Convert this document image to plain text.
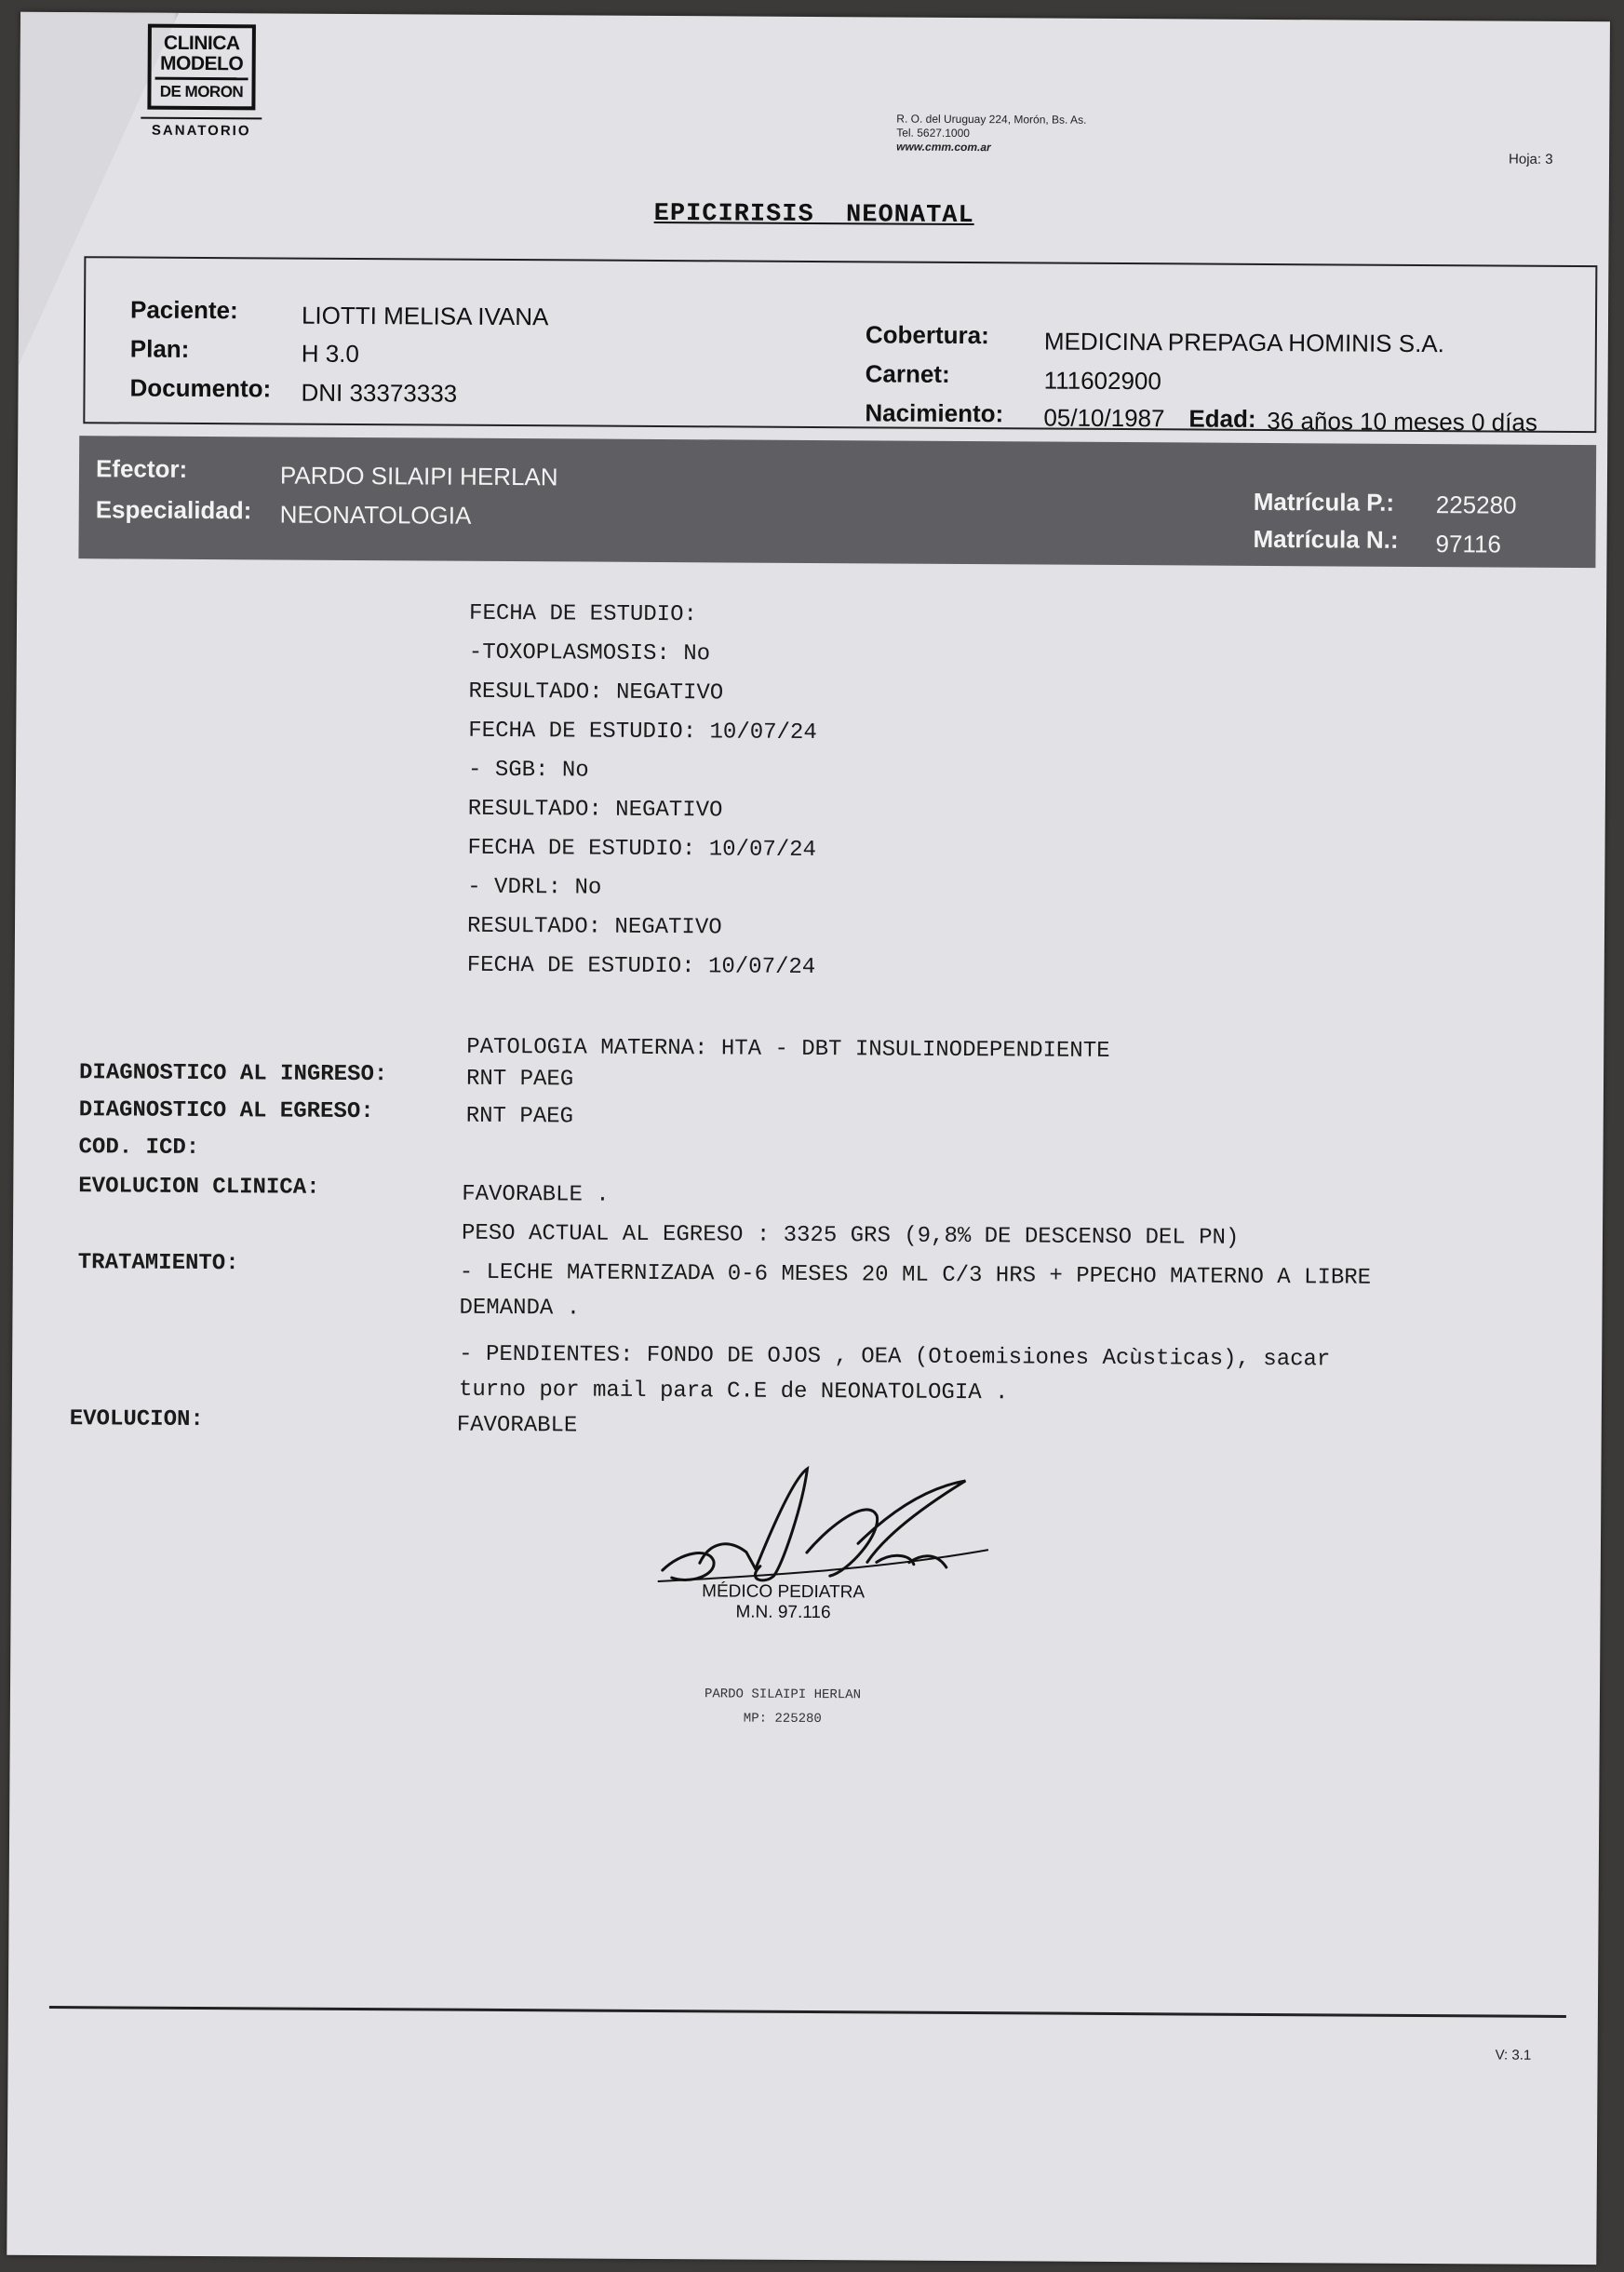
CLINICA
MODELO
DE MORON
SANATORIO
R. O. del Uruguay 224, Morón, Bs. As.
Tel. 5627.1000
www.cmm.com.ar
Hoja: 3
EPICIRISIS  NEONATAL
Paciente:	LIOTTI MELISA IVANA
Plan:	H 3.0
Documento: DNI 33373333
Cobertura: MEDICINA PREPAGA HOMINIS S.A.
Carnet:	111602900
Nacimiento: 05/10/1987 Edad: 36 años 10 meses 0 días
Efector:	PARDO SILAIPI HERLAN
Especialidad: NEONATOLOGIA	Matrícula P.: 225280
Matrícula N.: 97116
FECHA DE ESTUDIO:
-TOXOPLASMOSIS: No
RESULTADO: NEGATIVO
FECHA DE ESTUDIO: 10/07/24
- SGB: No
RESULTADO: NEGATIVO
FECHA DE ESTUDIO: 10/07/24
- VDRL: No
RESULTADO: NEGATIVO
FECHA DE ESTUDIO: 10/07/24
PATOLOGIA MATERNA: HTA - DBT INSULINODEPENDIENTE
DIAGNOSTICO AL INGRESO:	RNT PAEG
DIAGNOSTICO AL EGRESO:	RNT PAEG
COD. ICD:
EVOLUCION CLINICA:	FAVORABLE .
PESO ACTUAL AL EGRESO : 3325 GRS (9,8% DE DESCENSO DEL PN)
TRATAMIENTO:	- LECHE MATERNIZADA 0-6 MESES 20 ML C/3 HRS + PPECHO MATERNO A LIBRE
DEMANDA .
- PENDIENTES: FONDO DE OJOS , OEA (Otoemisiones Acùsticas), sacar
turno por mail para C.E de NEONATOLOGIA .
EVOLUCION:	FAVORABLE
MÉDICO PEDIATRA
M.N. 97.116
PARDO SILAIPI HERLAN
MP: 225280
V: 3.1
